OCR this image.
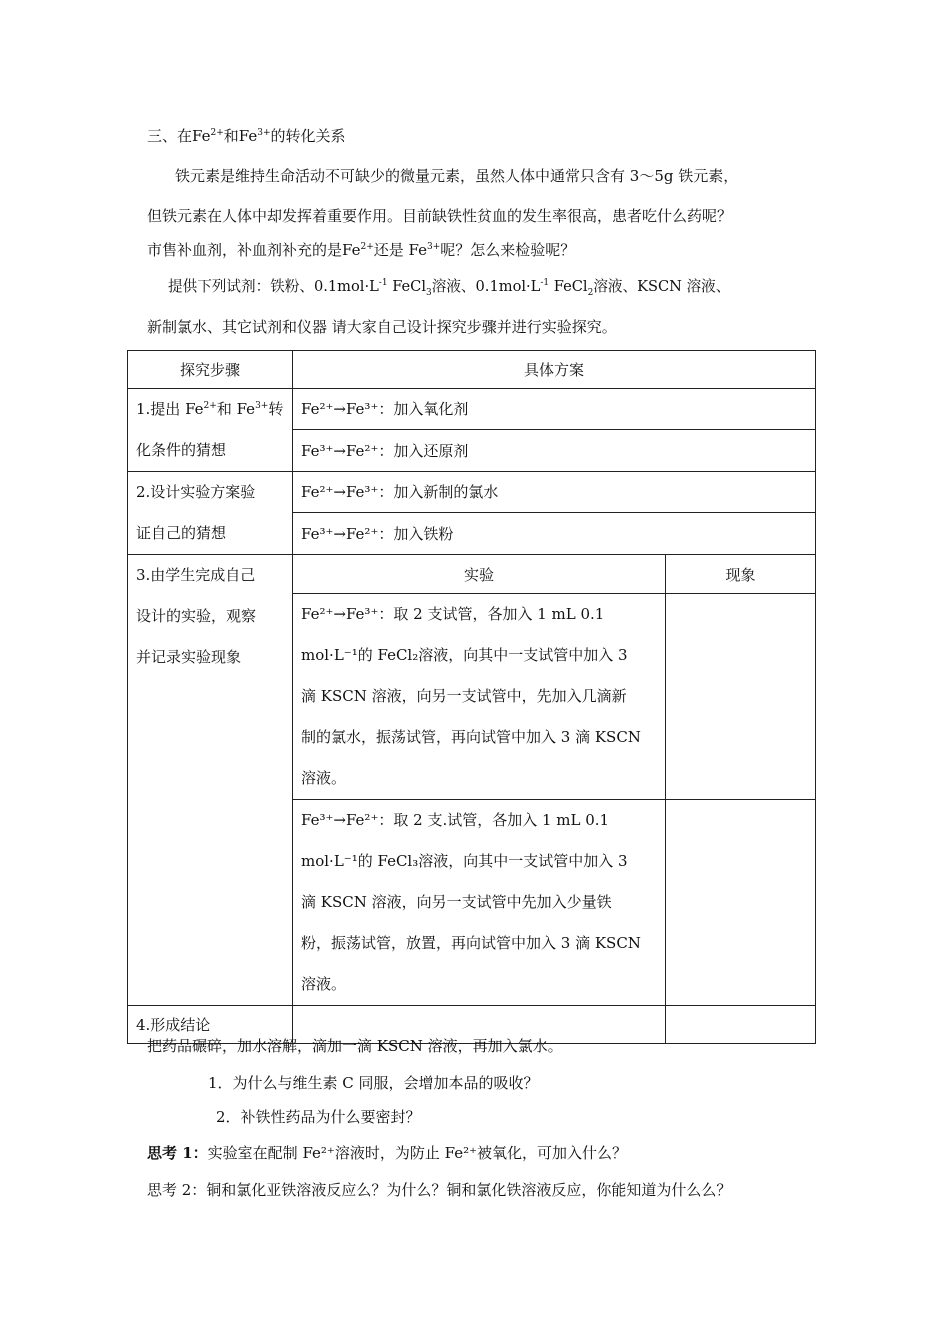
三、在$Fe^{2+}$和$Fe^{3+}$的转化关系
铁元素是维持生命活动不可缺少的微量元素，虽然人体中通常只含有 3～5g 铁元素，
但铁元素在人体中却发挥着重要作用。目前缺铁性贫血的发生率很高，患者吃什么药呢？
市售补血剂，补血剂补充的是$Fe^{2+}$还是 $Fe^{3+}$呢？怎么来检验呢？
提供下列试剂：铁粉、$0.1mol\cdot L^{-1}$ FeCl$_3$溶液、$0.1mol\cdot L^{-1}$ FeCl$_2$溶液、KSCN 溶液、
新制氯水、其它试剂和仪器 请大家自己设计探究步骤并进行实验探究。
探究步骤	具体方案	

1.提出 $Fe^{2+}$和 $Fe^{3+}$转
化条件的猜想	Fe²⁺→Fe³⁺：加入氧化剂	
	Fe³⁺→Fe²⁺：加入还原剂	

2.设计实验方案验
证自己的猜想	Fe²⁺→Fe³⁺：加入新制的氯水	
	Fe³⁺→Fe²⁺：加入铁粉	

3.由学生完成自己
设计的实验，观察
并记录实验现象	实验	现象

	Fe²⁺→Fe³⁺：取 2 支试管，各加入 1 mL 0.1
mol·L⁻¹的 FeCl₂溶液，向其中一支试管中加入 3
滴 KSCN 溶液，向另一支试管中，先加入几滴新
制的氯水，振荡试管，再向试管中加入 3 滴 KSCN
溶液。	

	Fe³⁺→Fe²⁺：取 2 支.试管，各加入 1 mL 0.1
mol·L⁻¹的 FeCl₃溶液，向其中一支试管中加入 3
滴 KSCN 溶液，向另一支试管中先加入少量铁
粉，振荡试管，放置，再向试管中加入 3 滴 KSCN
溶液。	

4.形成结论		
把药品碾碎，加水溶解，滴加一滴 KSCN 溶液，再加入氯水。
1．为什么与维生素 C 同服，会增加本品的吸收？
2．补铁性药品为什么要密封？
思考 1：实验室在配制 Fe²⁺溶液时，为防止 Fe²⁺被氧化，可加入什么？
思考 2：铜和氯化亚铁溶液反应么？为什么？铜和氯化铁溶液反应，你能知道为什么么？
